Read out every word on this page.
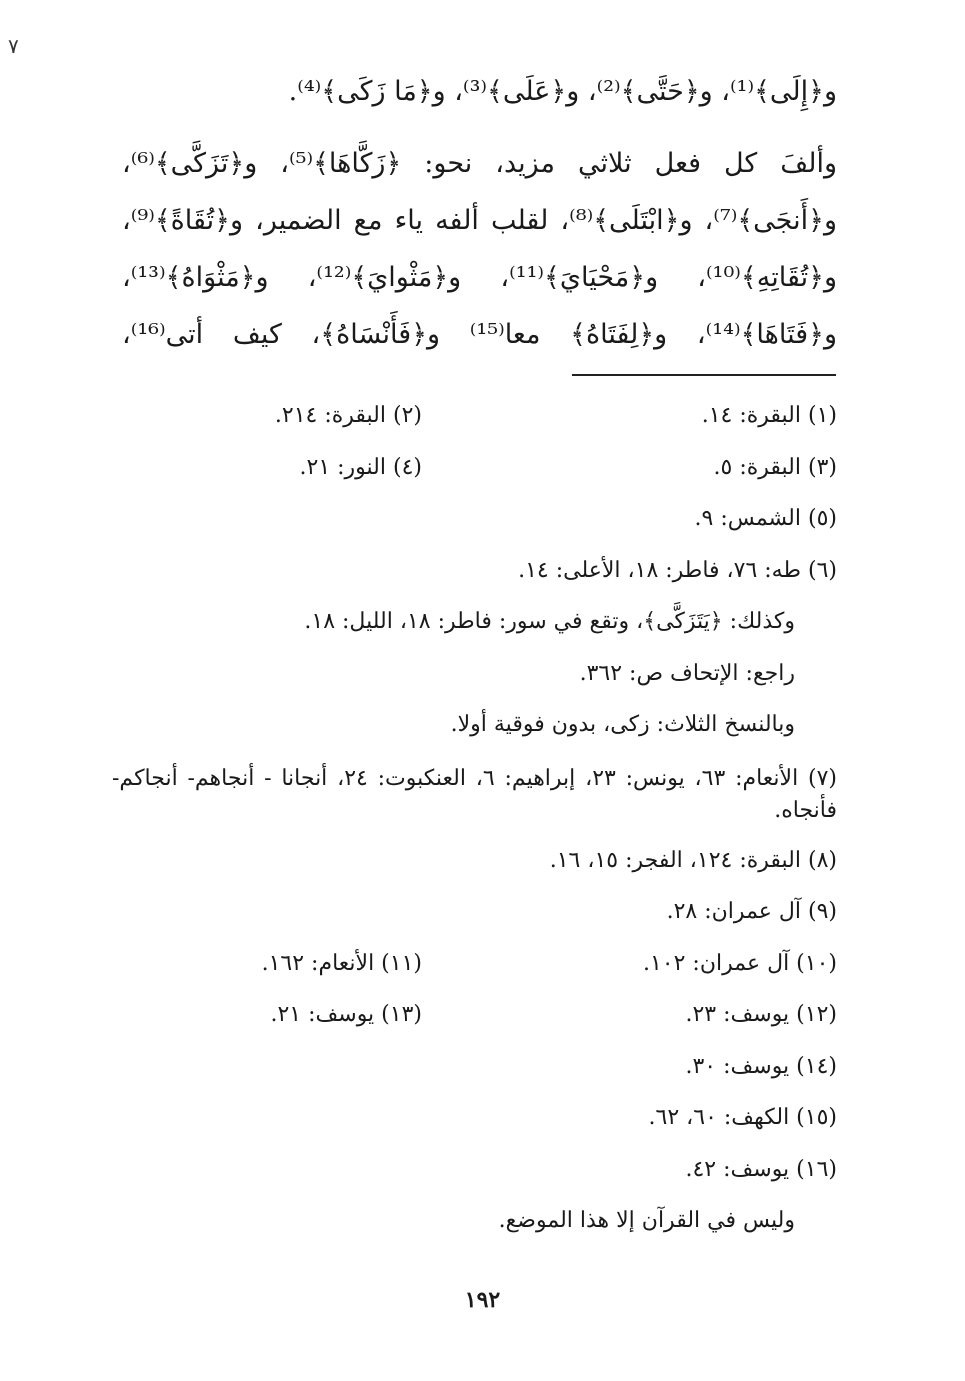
٧
و﴿إِلَى﴾⁽¹⁾، و﴿حَتَّى﴾⁽²⁾، و﴿عَلَى﴾⁽³⁾، و﴿مَا زَكَى﴾⁽⁴⁾.
وألفَ كل فعل ثلاثي مزيد، نحو: ﴿زَكَّاهَا﴾⁽⁵⁾، و﴿تَزَكَّى﴾⁽⁶⁾،
و﴿أَنجَى﴾⁽⁷⁾، و﴿ابْتَلَى﴾⁽⁸⁾، لقلب ألفه ياء مع الضمير، و﴿تُقَاةً﴾⁽⁹⁾،
و﴿تُقَاتِهِ﴾⁽¹⁰⁾، و﴿مَحْيَايَ﴾⁽¹¹⁾، و﴿مَثْوايَ﴾⁽¹²⁾، و﴿مَثْوَاهُ﴾⁽¹³⁾،
و﴿فَتَاهَا﴾⁽¹⁴⁾، و﴿لِفَتَاهُ﴾ معا⁽¹⁵⁾ و﴿فَأَنْسَاهُ﴾، كيف أتى⁽¹⁶⁾،
(١) البقرة: ١٤.
(٢) البقرة: ٢١٤.
(٣) البقرة: ٥.
(٤) النور: ٢١.
(٥) الشمس: ٩.
(٦) طه: ٧٦، فاطر: ١٨، الأعلى: ١٤.
وكذلك: ﴿يَتَزَكَّى﴾، وتقع في سور: فاطر: ١٨، الليل: ١٨.
راجع: الإتحاف ص: ٣٦٢.
وبالنسخ الثلاث: زكى، بدون فوقية أولا.
(٧) الأنعام: ٦٣، يونس: ٢٣، إبراهيم: ٦، العنكبوت: ٢٤، أنجانا - أنجاهم- أنجاكم- فأنجاه.
(٨) البقرة: ١٢٤، الفجر: ١٥، ١٦.
(٩) آل عمران: ٢٨.
(١٠) آل عمران: ١٠٢.
(١١) الأنعام: ١٦٢.
(١٢) يوسف: ٢٣.
(١٣) يوسف: ٢١.
(١٤) يوسف: ٣٠.
(١٥) الكهف: ٦٠، ٦٢.
(١٦) يوسف: ٤٢.
وليس في القرآن إلا هذا الموضع.
١٩٢
